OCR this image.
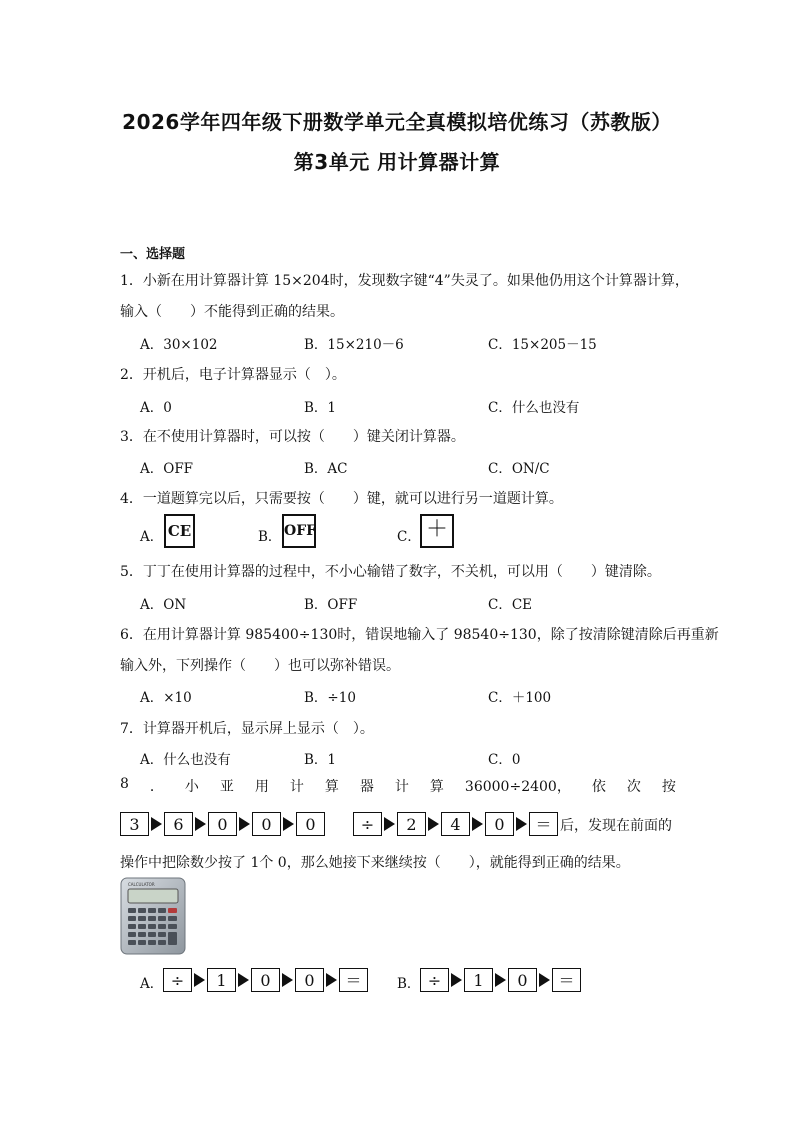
2026学年四年级下册数学单元全真模拟培优练习（苏教版）
第3单元 用计算器计算
一、选择题
1．小新在用计算器计算 15×204时，发现数字键“4”失灵了。如果他仍用这个计算器计算，
输入（　　）不能得到正确的结果。
A．30×102	B．15×210－6	C．15×205－15
2．开机后，电子计算器显示（　）。
A．0	B．1	C．什么也没有
3．在不使用计算器时，可以按（　　）键关闭计算器。
A．OFF	B．AC	C．ON/C
4．一道题算完以后，只需要按（　　）键，就可以进行另一道题计算。
A． CE	B． OFF	C． ＋
5．丁丁在使用计算器的过程中，不小心输错了数字，不关机，可以用（　　）键清除。
A．ON	B．OFF	C．CE
6．在用计算器计算 985400÷130时，错误地输入了 98540÷130，除了按清除键清除后再重新
输入外，下列操作（　　）也可以弥补错误。
A．×10	B．÷10	C．＋100
7．计算器开机后，显示屏上显示（　）。
A．什么也没有	B．1	C．0
8 ． 小 亚 用 计 算 器 计 算 36000÷2400， 依 次 按
3	6	0	0	0	÷	2	4	0	＝ 后，发现在前面的
操作中把除数少按了 1个 0，那么她接下来继续按（　　），就能得到正确的结果。
CALCULATOR
A． ÷	1	0	0	＝	B． ÷	1	0	＝
